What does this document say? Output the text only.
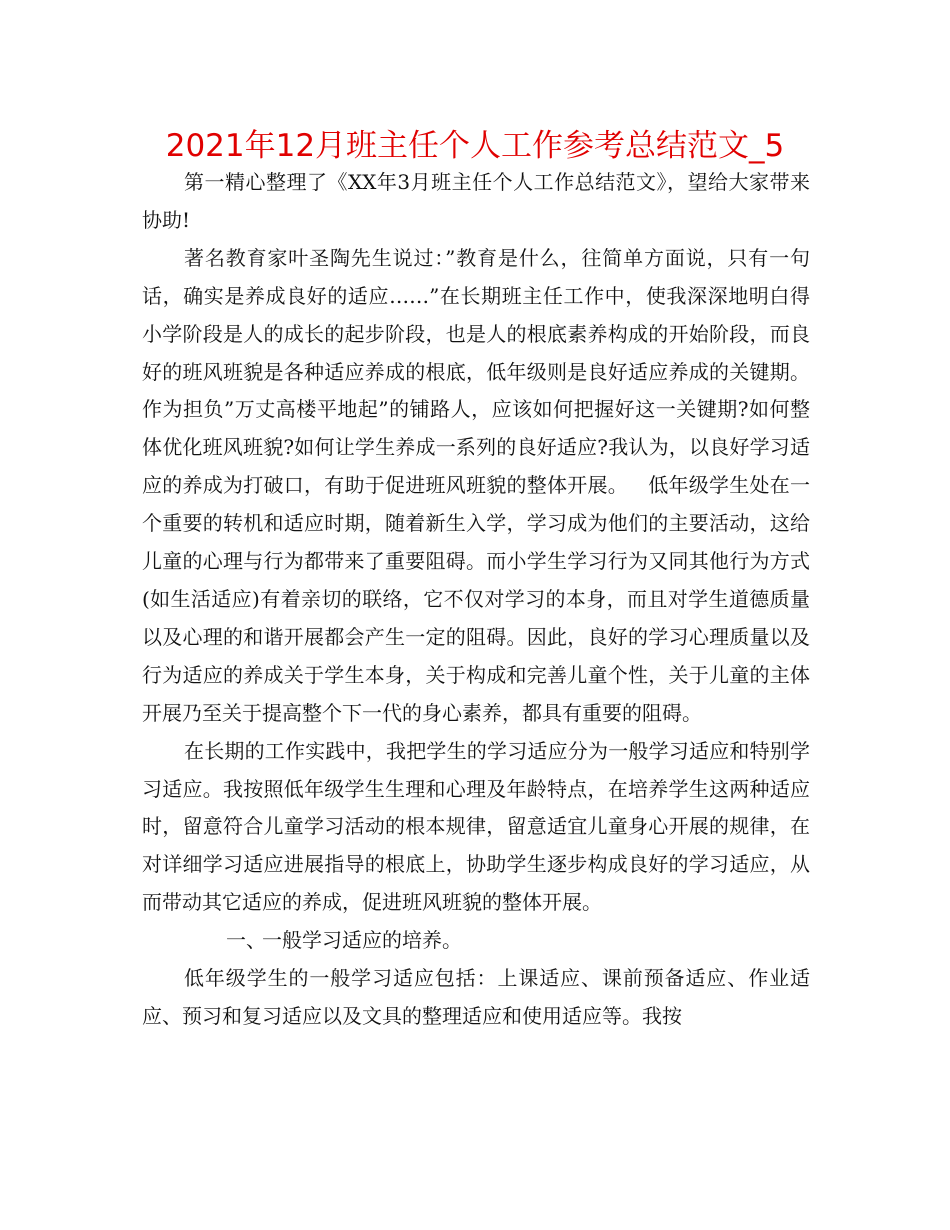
2021年12月班主任个人工作参考总结范文_5

第一精心整理了《XX年3月班主任个人工作总结范文》，望给大家带来协助!

著名教育家叶圣陶先生说过：”教育是什么，往简单方面说，只有一句话，确实是养成良好的适应……”在长期班主任工作中，使我深深地明白得小学阶段是人的成长的起步阶段，也是人的根底素养构成的开始阶段，而良好的班风班貌是各种适应养成的根底，低年级则是良好适应养成的关键期。作为担负”万丈高楼平地起”的铺路人，应该如何把握好这一关键期?如何整体优化班风班貌?如何让学生养成一系列的良好适应?我认为，以良好学习适应的养成为打破口，有助于促进班风班貌的整体开展。 低年级学生处在一个重要的转机和适应时期，随着新生入学，学习成为他们的主要活动，这给儿童的心理与行为都带来了重要阻碍。而小学生学习行为又同其他行为方式(如生活适应)有着亲切的联络，它不仅对学习的本身，而且对学生道德质量以及心理的和谐开展都会产生一定的阻碍。因此，良好的学习心理质量以及行为适应的养成关于学生本身，关于构成和完善儿童个性，关于儿童的主体开展乃至关于提高整个下一代的身心素养，都具有重要的阻碍。

在长期的工作实践中，我把学生的学习适应分为一般学习适应和特别学习适应。我按照低年级学生生理和心理及年龄特点，在培养学生这两种适应时，留意符合儿童学习活动的根本规律，留意适宜儿童身心开展的规律，在对详细学习适应进展指导的根底上，协助学生逐步构成良好的学习适应，从而带动其它适应的养成，促进班风班貌的整体开展。

一、一般学习适应的培养。

低年级学生的一般学习适应包括：上课适应、课前预备适应、作业适应、预习和复习适应以及文具的整理适应和使用适应等。我按
